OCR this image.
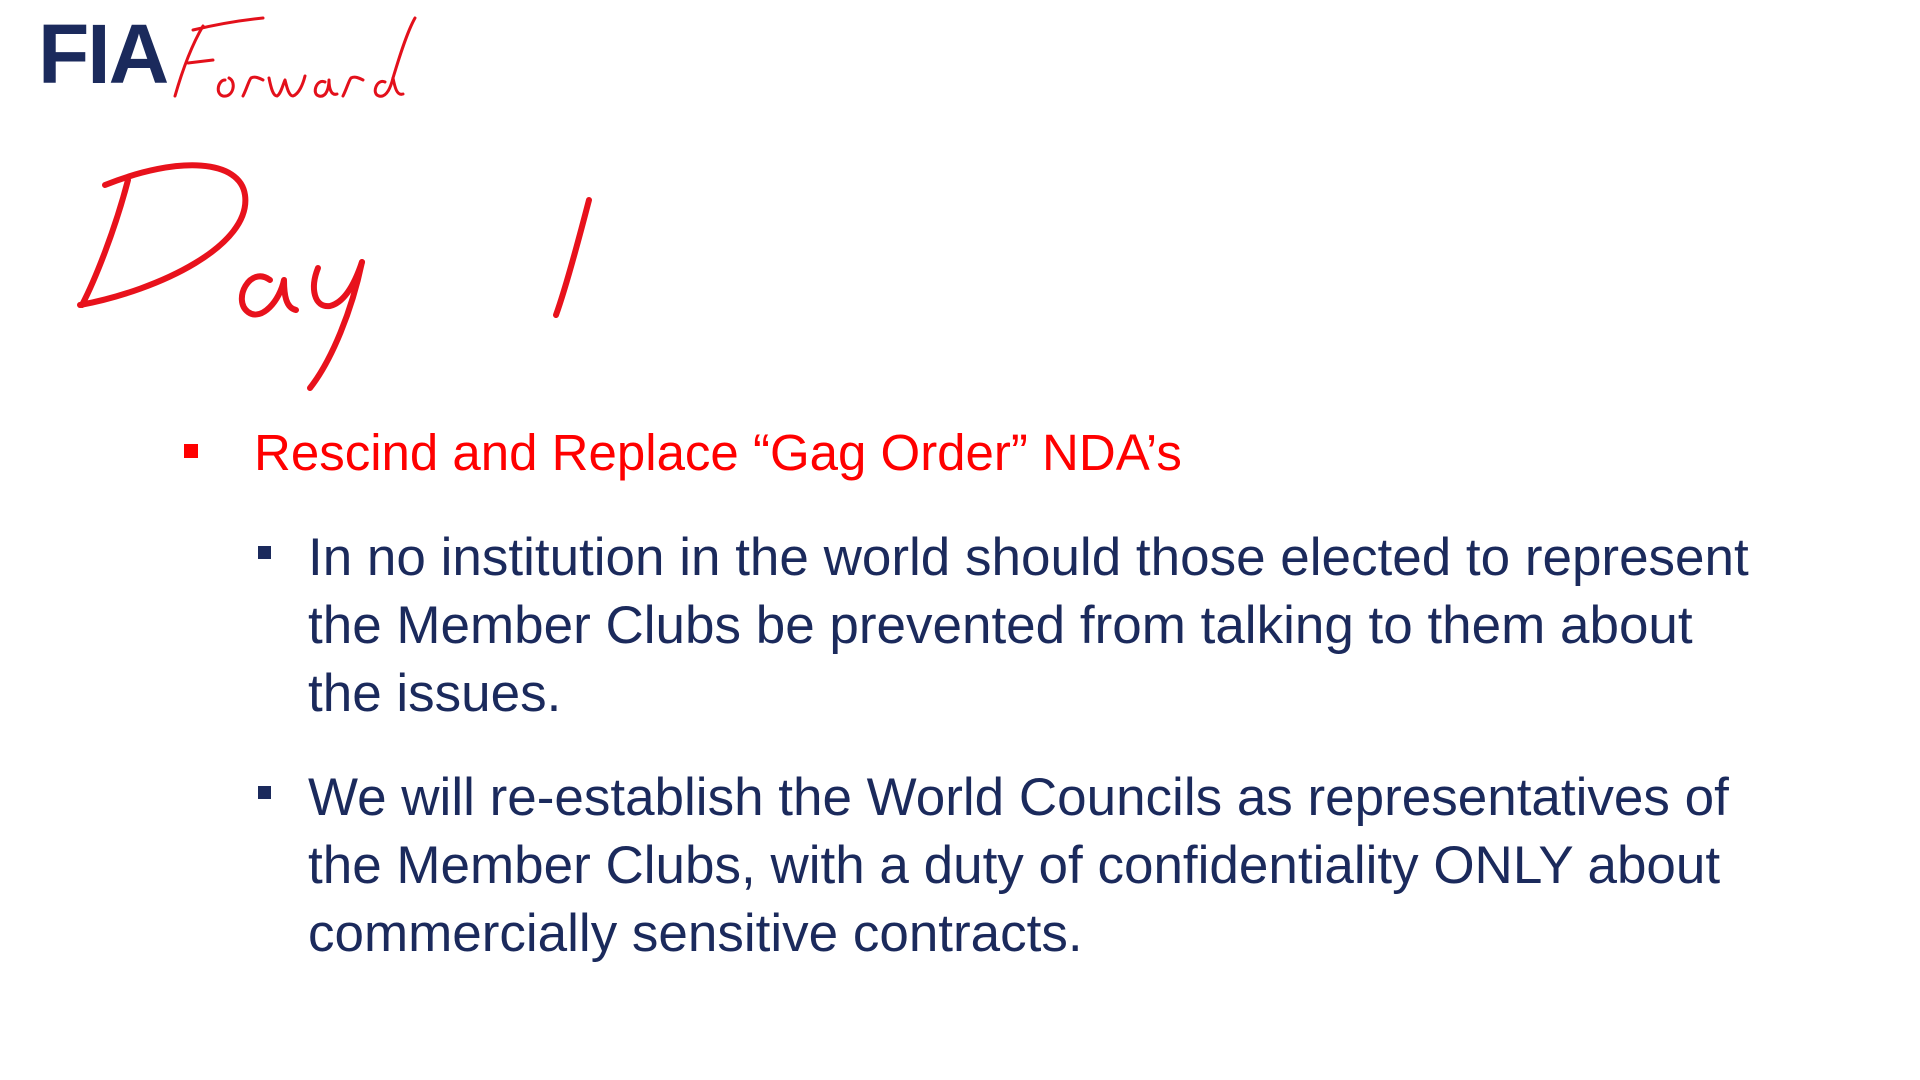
FIA
Rescind and Replace “Gag Order” NDA’s
In no institution in the world should those elected to represent
the Member Clubs be prevented from talking to them about
the issues.
We will re-establish the World Councils as representatives of
the Member Clubs, with a duty of confidentiality ONLY about
commercially sensitive contracts.
